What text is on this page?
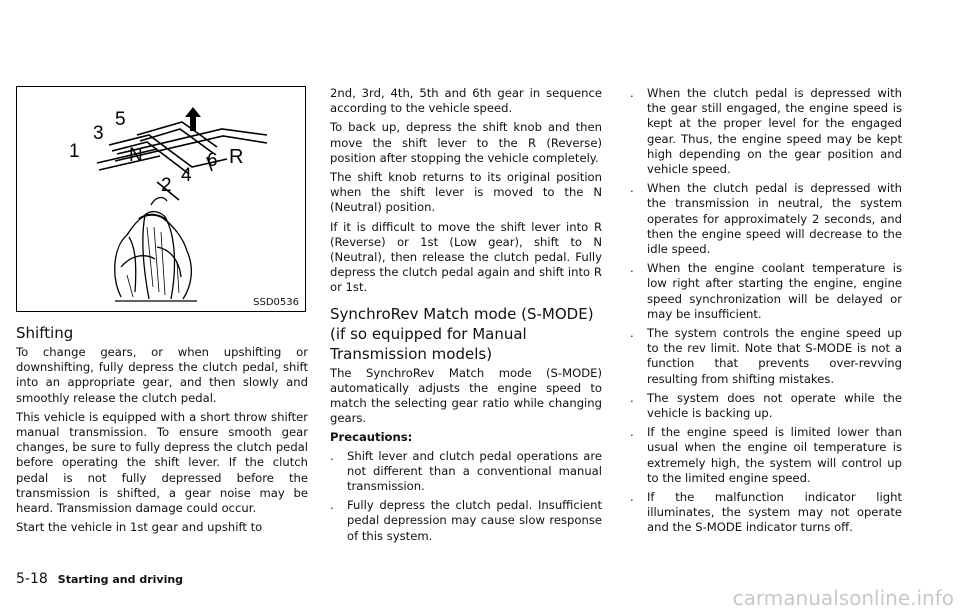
1
2
3
4
5
6
N	R
SSD0536
Shifting

To change gears, or when upshifting or downshifting, fully depress the clutch pedal, shift into an appropriate gear, and then slowly and smoothly release the clutch pedal.

This vehicle is equipped with a short throw shifter manual transmission. To ensure smooth gear changes, be sure to fully depress the clutch pedal before operating the shift lever. If the clutch pedal is not fully depressed before the transmission is shifted, a gear noise may be heard. Transmission damage could occur.

Start the vehicle in 1st gear and upshift to

2nd, 3rd, 4th, 5th and 6th gear in sequence according to the vehicle speed.

To back up, depress the shift knob and then move the shift lever to the R (Reverse) position after stopping the vehicle completely.

The shift knob returns to its original position when the shift lever is moved to the N (Neutral) position.

If it is difficult to move the shift lever into R (Reverse) or 1st (Low gear), shift to N (Neutral), then release the clutch pedal. Fully depress the clutch pedal again and shift into R or 1st.

SynchroRev Match mode (S-MODE) (if so equipped for Manual Transmission models)

The SynchroRev Match mode (S-MODE) automatically adjusts the engine speed to match the selecting gear ratio while changing gears.

Precautions:

. Shift lever and clutch pedal operations are not different than a conventional manual transmission.
. Fully depress the clutch pedal. Insufficient pedal depression may cause slow response of this system.
. When the clutch pedal is depressed with the gear still engaged, the engine speed is kept at the proper level for the engaged gear. Thus, the engine speed may be kept high depending on the gear position and vehicle speed.
. When the clutch pedal is depressed with the transmission in neutral, the system operates for approximately 2 seconds, and then the engine speed will decrease to the idle speed.
. When the engine coolant temperature is low right after starting the engine, engine speed synchronization will be delayed or may be insufficient.
. The system controls the engine speed up to the rev limit. Note that S-MODE is not a function that prevents over-revving resulting from shifting mistakes.
. The system does not operate while the vehicle is backing up.
. If the engine speed is limited lower than usual when the engine oil temperature is extremely high, the system will control up to the limited engine speed.
. If the malfunction indicator light illuminates, the system may not operate and the S-MODE indicator turns off.
5-18 Starting and driving
carmanualsonline.info
